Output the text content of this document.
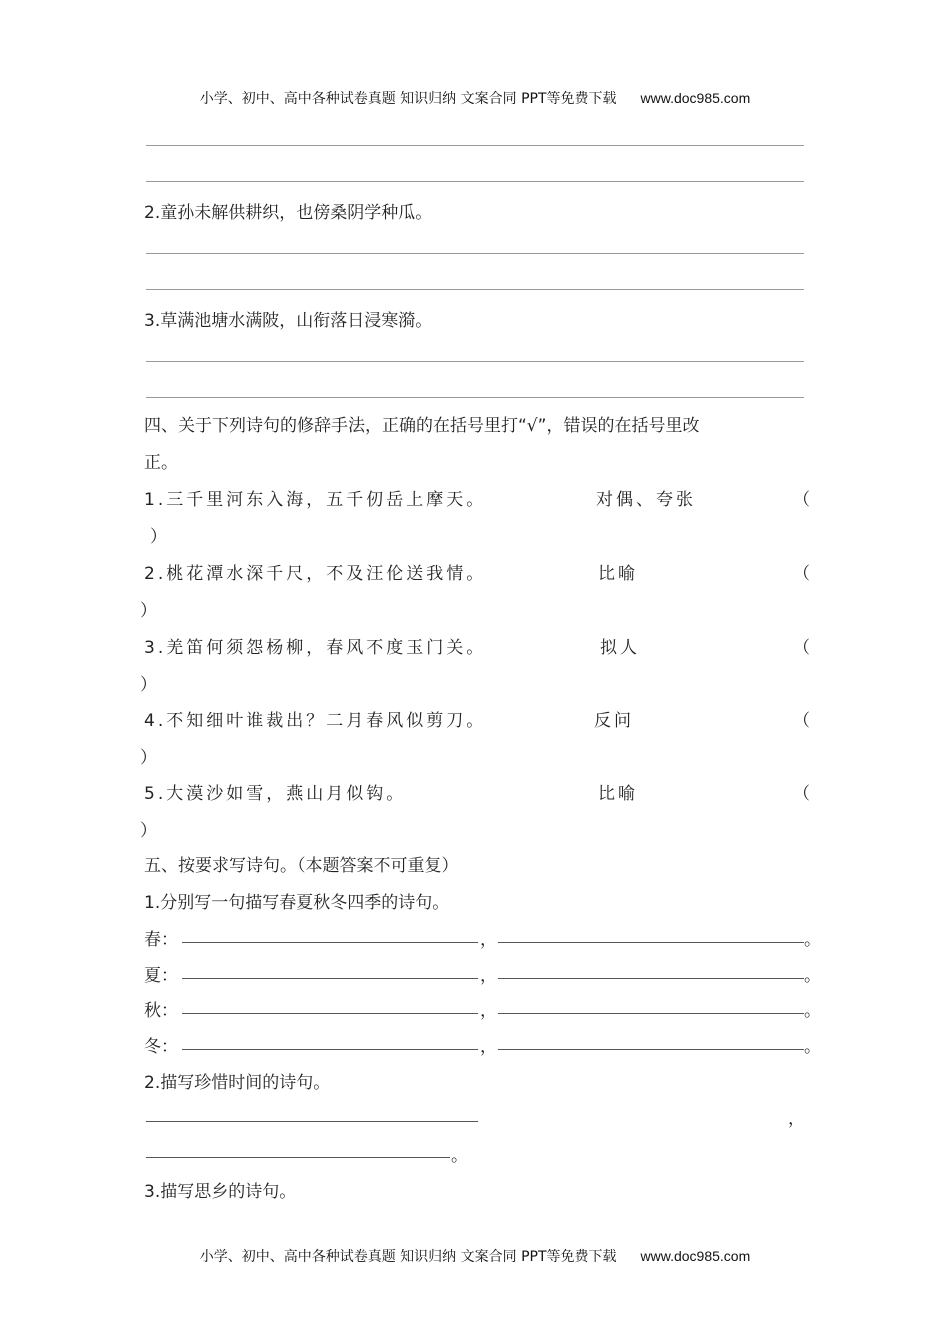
小学、初中、高中各种试卷真题 知识归纳 文案合同 PPT等免费下载 www.doc985.com
2.童孙未解供耕织，也傍桑阴学种瓜。
3.草满池塘水满陂，山衔落日浸寒漪。
四、关于下列诗句的修辞手法，正确的在括号里打“√”，错误的在括号里改
正。
1.三千里河东入海，五千仞岳上摩天。	对偶、夸张	（
）
2.桃花潭水深千尺，不及汪伦送我情。	比喻	（
）
3.羌笛何须怨杨柳，春风不度玉门关。	拟人	（
）
4.不知细叶谁裁出？二月春风似剪刀。	反问	（
）
5.大漠沙如雪，燕山月似钩。	比喻	（
）
五、按要求写诗句。（本题答案不可重复）
1.分别写一句描写春夏秋冬四季的诗句。
春：	，	。
夏：	，	。
秋：	，	。
冬：	，	。
2.描写珍惜时间的诗句。
，
。
3.描写思乡的诗句。
小学、初中、高中各种试卷真题 知识归纳 文案合同 PPT等免费下载 www.doc985.com
